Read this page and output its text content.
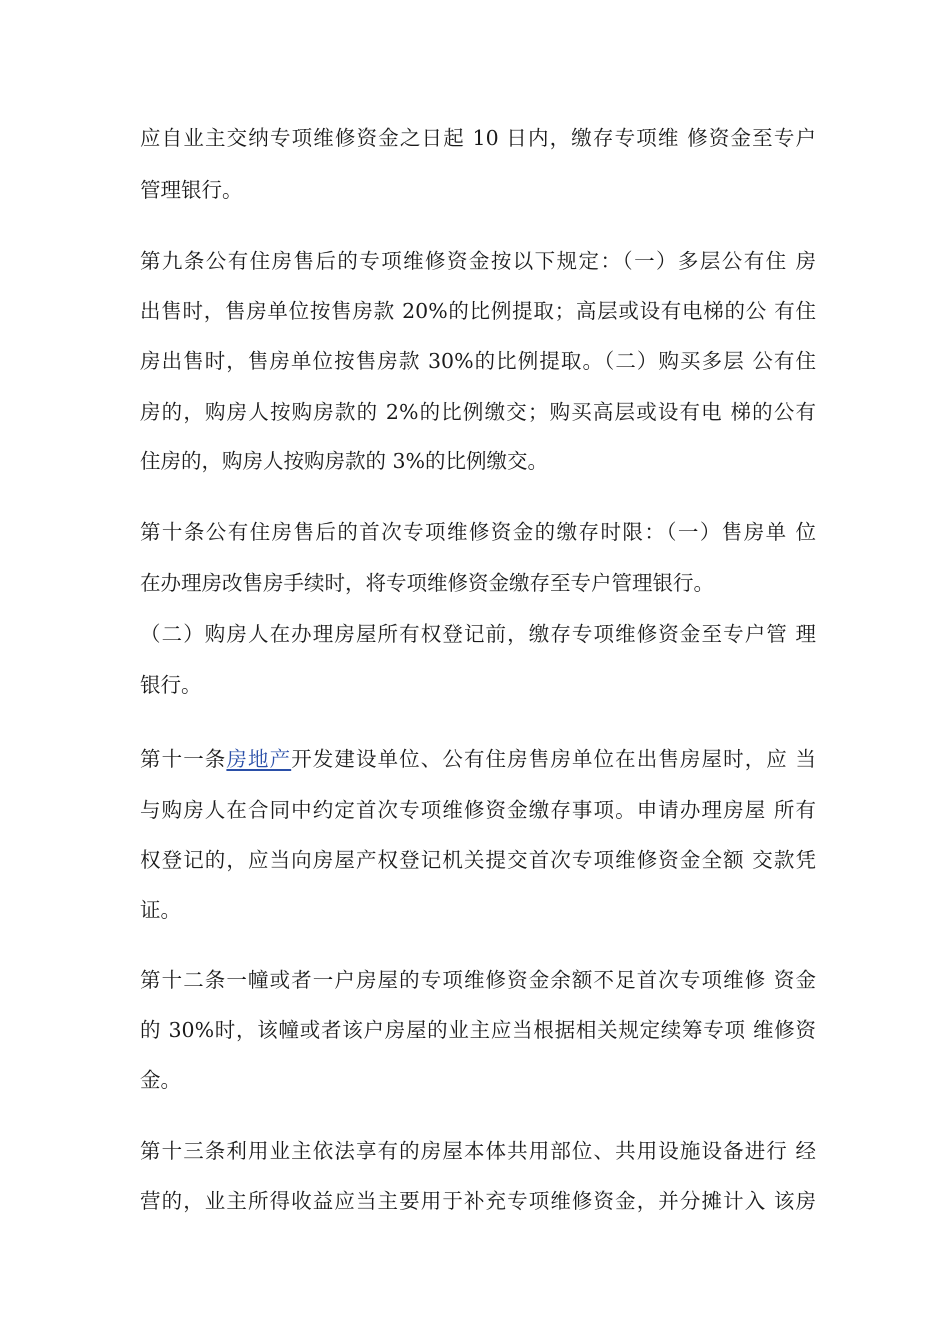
应自业主交纳专项维修资金之日起 10 日内，缴存专项维 修资金至专户
管理银行。
第九条公有住房售后的专项维修资金按以下规定：（一）多层公有住 房
出售时，售房单位按售房款 20%的比例提取；高层或设有电梯的公 有住
房出售时，售房单位按售房款 30%的比例提取。（二）购买多层 公有住
房的，购房人按购房款的 2%的比例缴交；购买高层或设有电 梯的公有
住房的，购房人按购房款的 3%的比例缴交。
第十条公有住房售后的首次专项维修资金的缴存时限：（一）售房单 位
在办理房改售房手续时，将专项维修资金缴存至专户管理银行。
（二）购房人在办理房屋所有权登记前，缴存专项维修资金至专户管 理
银行。
第十一条房地产开发建设单位、公有住房售房单位在出售房屋时，应 当
与购房人在合同中约定首次专项维修资金缴存事项。申请办理房屋 所有
权登记的，应当向房屋产权登记机关提交首次专项维修资金全额 交款凭
证。
第十二条一幢或者一户房屋的专项维修资金余额不足首次专项维修 资金
的 30%时，该幢或者该户房屋的业主应当根据相关规定续筹专项 维修资
金。
第十三条利用业主依法享有的房屋本体共用部位、共用设施设备进行 经
营的，业主所得收益应当主要用于补充专项维修资金，并分摊计入 该房
